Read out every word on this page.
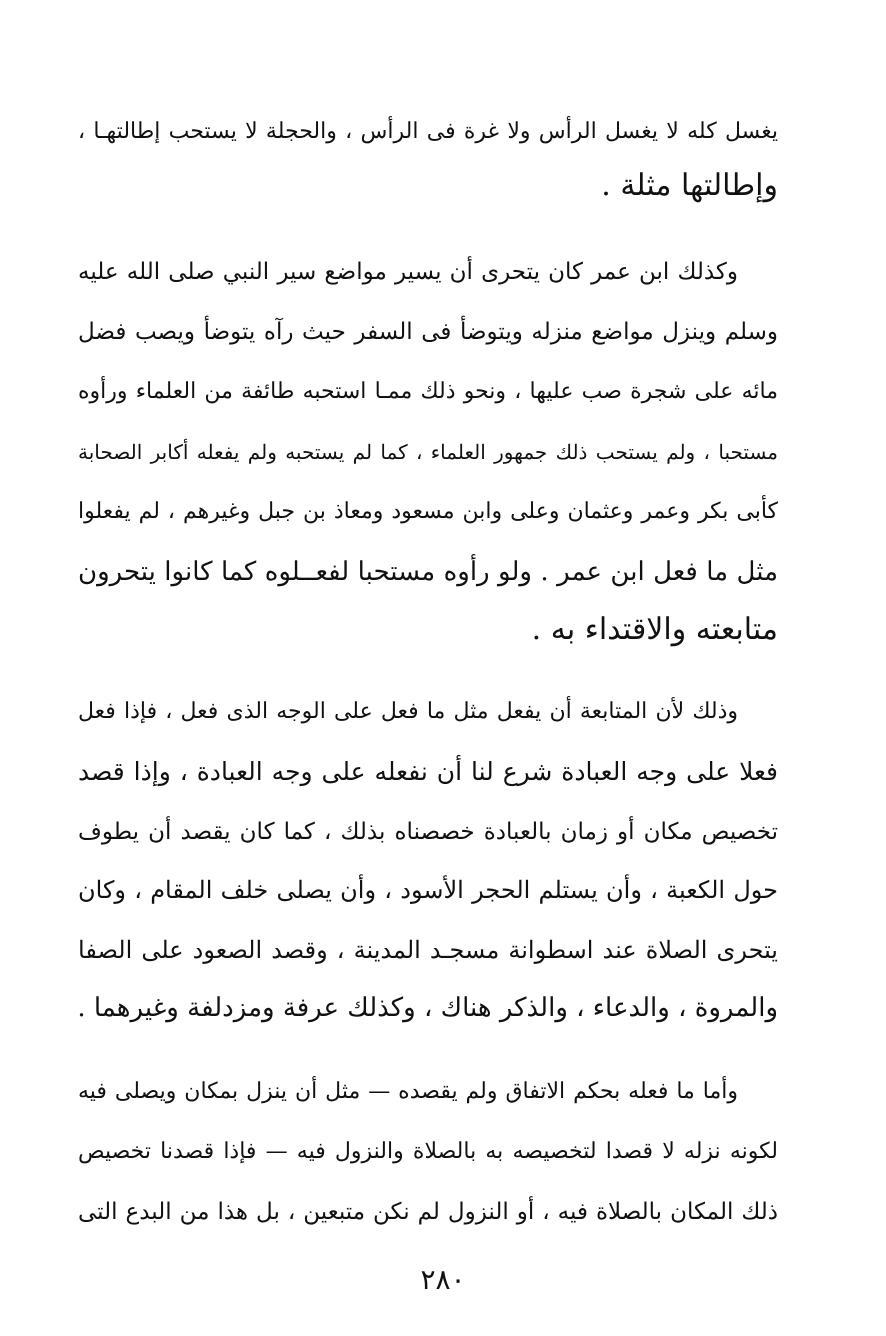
يغسل كله لا يغسل الرأس ولا غرة فى الرأس ، والحجلة لا يستحب إطالتهـا ،
وإطالتها مثلة .
وكذلك ابن عمر كان يتحرى أن يسير مواضع سير النبي صلى الله عليه
وسلم وينزل مواضع منزله ويتوضأ فى السفر حيث رآه يتوضأ ويصب فضل
مائه على شجرة صب عليها ، ونحو ذلك ممـا استحبه طائفة من العلماء ورأوه
مستحبا ، ولم يستحب ذلك جمهور العلماء ، كما لم يستحبه ولم يفعله أكابر الصحابة
كأبى بكر وعمر وعثمان وعلى وابن مسعود ومعاذ بن جبل وغيرهم ، لم يفعلوا
مثل ما فعل ابن عمر . ولو رأوه مستحبا لفعــلوه كما كانوا يتحرون
متابعته والاقتداء به .
وذلك لأن المتابعة أن يفعل مثل ما فعل على الوجه الذى فعل ، فإذا فعل
فعلا على وجه العبادة شرع لنا أن نفعله على وجه العبادة ، وإذا قصد
تخصيص مكان أو زمان بالعبادة خصصناه بذلك ، كما كان يقصد أن يطوف
حول الكعبة ، وأن يستلم الحجر الأسود ، وأن يصلى خلف المقام ، وكان
يتحرى الصلاة عند اسطوانة مسجـد المدينة ، وقصد الصعود على الصفا
والمروة ، والدعاء ، والذكر هناك ، وكذلك عرفة ومزدلفة وغيرهما .
وأما ما فعله بحكم الاتفاق ولم يقصده — مثل أن ينزل بمكان ويصلى فيه
لكونه نزله لا قصدا لتخصيصه به بالصلاة والنزول فيه — فإذا قصدنا تخصيص
ذلك المكان بالصلاة فيه ، أو النزول لم نكن متبعين ، بل هذا من البدع التى
٢٨٠
